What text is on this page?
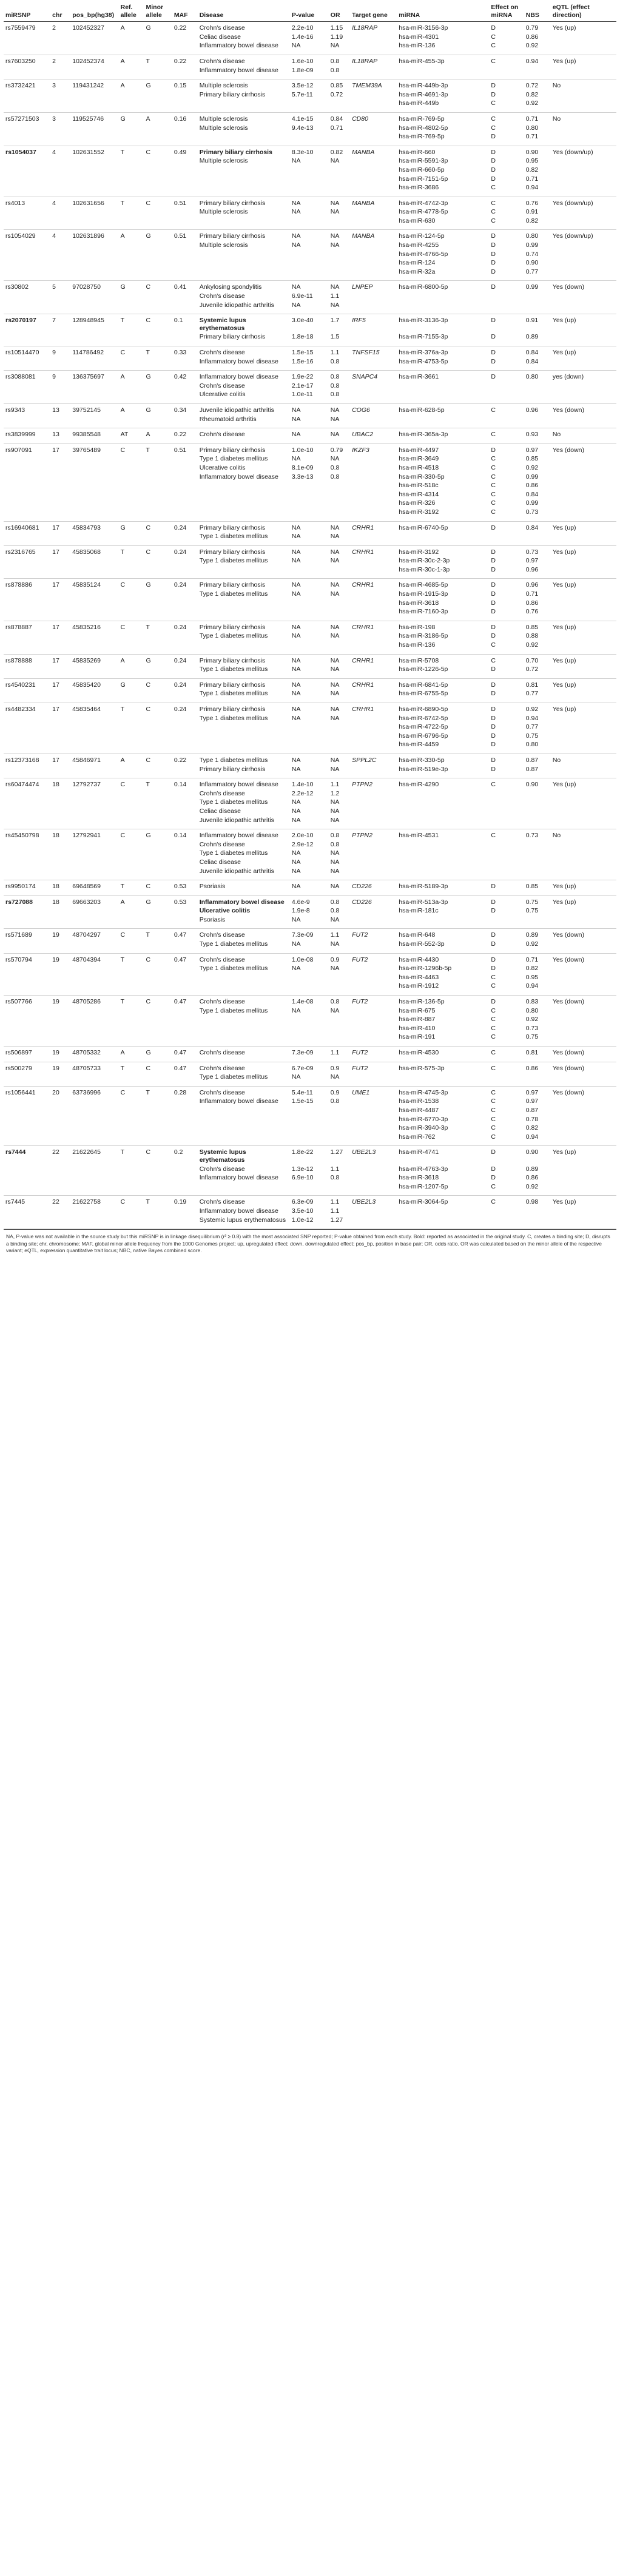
miRSNP	chr	pos_bp(hg38)	Ref. allele	Minor allele	MAF	Disease	P-value	OR	Target gene	miRNA	Effect on miRNA	NBS	eQTL (effect direction)
rs7559479	2	102452327	A	G	0.22	Crohn's disease	2.2e-10	1.15	IL18RAP	hsa-miR-3156-3p	D	0.79	Yes (up)
						Celiac disease	1.4e-16	1.19		hsa-miR-4301	C	0.86	
						Inflammatory bowel disease	NA	NA		hsa-miR-136	C	0.92	
rs7603250	2	102452374	A	T	0.22	Crohn's disease	1.6e-10	0.8	IL18RAP	hsa-miR-455-3p	C	0.94	Yes (up)
						Inflammatory bowel disease	1.8e-09	0.8					
rs3732421	3	119431242	A	G	0.15	Multiple sclerosis	3.5e-12	0.85	TMEM39A	hsa-miR-449b-3p	D	0.72	No
						Primary biliary cirrhosis	5.7e-11	0.72		hsa-miR-4691-3p	D	0.82	
										hsa-miR-449b	C	0.92	
rs57271503	3	119525746	G	A	0.16	Multiple sclerosis	4.1e-15	0.84	CD80	hsa-miR-769-5p	C	0.71	No
						Multiple sclerosis	9.4e-13	0.71		hsa-miR-4802-5p	C	0.80	
										hsa-miR-769-5p	D	0.71	
rs1054037	4	102631552	T	C	0.49	Primary biliary cirrhosis	8.3e-10	0.82	MANBA	hsa-miR-660	D	0.90	Yes (down/up)
						Multiple sclerosis	NA	NA		hsa-miR-5591-3p	D	0.95	
										hsa-miR-660-5p	D	0.82	
										hsa-miR-7151-5p	D	0.71	
										hsa-miR-3686	C	0.94	
rs4013	4	102631656	T	C	0.51	Primary biliary cirrhosis	NA	NA	MANBA	hsa-miR-4742-3p	C	0.76	Yes (down/up)
						Multiple sclerosis	NA	NA		hsa-miR-4778-5p	C	0.91	
										hsa-miR-630	C	0.82	
rs1054029	4	102631896	A	G	0.51	Primary biliary cirrhosis	NA	NA	MANBA	hsa-miR-124-5p	D	0.80	Yes (down/up)
						Multiple sclerosis	NA	NA		hsa-miR-4255	D	0.99	
										hsa-miR-4766-5p	D	0.74	
										hsa-miR-124	D	0.90	
										hsa-miR-32a	D	0.77	
rs30802	5	97028750	G	C	0.41	Ankylosing spondylitis	NA	NA	LNPEP	hsa-miR-6800-5p	D	0.99	Yes (down)
						Crohn's disease	6.9e-11	1.1					
						Juvenile idiopathic arthritis	NA	NA					
rs2070197	7	128948945	T	C	0.1	Systemic lupus erythematosus	3.0e-40	1.7	IRF5	hsa-miR-3136-3p	D	0.91	Yes (up)
						Primary biliary cirrhosis	1.8e-18	1.5		hsa-miR-7155-3p	D	0.89	
rs10514470	9	114786492	C	T	0.33	Crohn's disease	1.5e-15	1.1	TNFSF15	hsa-miR-376a-3p	D	0.84	Yes (up)
						Inflammatory bowel disease	1.5e-16	0.8		hsa-miR-4753-5p	D	0.84	
rs3088081	9	136375697	A	G	0.42	Inflammatory bowel disease	1.9e-22	0.8	SNAPC4	hsa-miR-3661	D	0.80	yes (down)
						Crohn's disease	2.1e-17	0.8					
						Ulcerative colitis	1.0e-11	0.8					
rs9343	13	39752145	A	G	0.34	Juvenile idiopathic arthritis	NA	NA	COG6	hsa-miR-628-5p	C	0.96	Yes (down)
						Rheumatoid arthritis	NA	NA					
rs3839999	13	99385548	AT	A	0.22	Crohn's disease	NA	NA	UBAC2	hsa-miR-365a-3p	C	0.93	No
rs907091	17	39765489	C	T	0.51	Primary biliary cirrhosis	1.0e-10	0.79	IKZF3	hsa-miR-4497	D	0.97	Yes (down)
						Type 1 diabetes mellitus	NA	NA		hsa-miR-3649	C	0.85	
						Ulcerative colitis	8.1e-09	0.8		hsa-miR-4518	C	0.92	
						Inflammatory bowel disease	3.3e-13	0.8		hsa-miR-330-5p	C	0.99	
										hsa-miR-518c	C	0.86	
										hsa-miR-4314	C	0.84	
										hsa-miR-326	C	0.99	
										hsa-miR-3192	C	0.73	
rs16940681	17	45834793	G	C	0.24	Primary biliary cirrhosis	NA	NA	CRHR1	hsa-miR-6740-5p	D	0.84	Yes (up)
						Type 1 diabetes mellitus	NA	NA					
rs2316765	17	45835068	T	C	0.24	Primary biliary cirrhosis	NA	NA	CRHR1	hsa-miR-3192	D	0.73	Yes (up)
						Type 1 diabetes mellitus	NA	NA		hsa-miR-30c-2-3p	D	0.97	
										hsa-miR-30c-1-3p	D	0.96	
rs878886	17	45835124	C	G	0.24	Primary biliary cirrhosis	NA	NA	CRHR1	hsa-miR-4685-5p	D	0.96	Yes (up)
						Type 1 diabetes mellitus	NA	NA		hsa-miR-1915-3p	D	0.71	
										hsa-miR-3618	D	0.86	
										hsa-miR-7160-3p	D	0.76	
rs878887	17	45835216	C	T	0.24	Primary biliary cirrhosis	NA	NA	CRHR1	hsa-miR-198	D	0.85	Yes (up)
						Type 1 diabetes mellitus	NA	NA		hsa-miR-3186-5p	D	0.88	
										hsa-miR-136	C	0.92	
rs878888	17	45835269	A	G	0.24	Primary biliary cirrhosis	NA	NA	CRHR1	hsa-miR-5708	C	0.70	Yes (up)
						Type 1 diabetes mellitus	NA	NA		hsa-miR-1226-5p	D	0.72	
rs4540231	17	45835420	G	C	0.24	Primary biliary cirrhosis	NA	NA	CRHR1	hsa-miR-6841-5p	D	0.81	Yes (up)
						Type 1 diabetes mellitus	NA	NA		hsa-miR-6755-5p	D	0.77	
rs4482334	17	45835464	T	C	0.24	Primary biliary cirrhosis	NA	NA	CRHR1	hsa-miR-6890-5p	D	0.92	Yes (up)
						Type 1 diabetes mellitus	NA	NA		hsa-miR-6742-5p	D	0.94	
										hsa-miR-4722-5p	D	0.77	
										hsa-miR-6796-5p	D	0.75	
										hsa-miR-4459	D	0.80	
rs12373168	17	45846971	A	C	0.22	Type 1 diabetes mellitus	NA	NA	SPPL2C	hsa-miR-330-5p	D	0.87	No
						Primary biliary cirrhosis	NA	NA		hsa-miR-519e-3p	D	0.87	
rs60474474	18	12792737	C	T	0.14	Inflammatory bowel disease	1.4e-10	1.1	PTPN2	hsa-miR-4290	C	0.90	Yes (up)
						Crohn's disease	2.2e-12	1.2					
						Type 1 diabetes mellitus	NA	NA					
						Celiac disease	NA	NA					
						Juvenile idiopathic arthritis	NA	NA					
rs45450798	18	12792941	C	G	0.14	Inflammatory bowel disease	2.0e-10	0.8	PTPN2	hsa-miR-4531	C	0.73	No
						Crohn's disease	2.9e-12	0.8					
						Type 1 diabetes mellitus	NA	NA					
						Celiac disease	NA	NA					
						Juvenile idiopathic arthritis	NA	NA					
rs9950174	18	69648569	T	C	0.53	Psoriasis	NA	NA	CD226	hsa-miR-5189-3p	D	0.85	Yes (up)
rs727088	18	69663203	A	G	0.53	Inflammatory bowel disease	4.6e-9	0.8	CD226	hsa-miR-513a-3p	D	0.75	Yes (up)
						Ulcerative colitis	1.9e-8	0.8		hsa-miR-181c	D	0.75	
						Psoriasis	NA	NA					
rs571689	19	48704297	C	T	0.47	Crohn's disease	7.3e-09	1.1	FUT2	hsa-miR-648	D	0.89	Yes (down)
						Type 1 diabetes mellitus	NA	NA		hsa-miR-552-3p	D	0.92	
rs570794	19	48704394	T	C	0.47	Crohn's disease	1.0e-08	0.9	FUT2	hsa-miR-4430	D	0.71	Yes (down)
						Type 1 diabetes mellitus	NA	NA		hsa-miR-1296b-5p	D	0.82	
										hsa-miR-4463	C	0.95	
										hsa-miR-1912	C	0.94	
rs507766	19	48705286	T	C	0.47	Crohn's disease	1.4e-08	0.8	FUT2	hsa-miR-136-5p	D	0.83	Yes (down)
						Type 1 diabetes mellitus	NA	NA		hsa-miR-675	C	0.80	
										hsa-miR-887	C	0.92	
										hsa-miR-410	C	0.73	
										hsa-miR-191	C	0.75	
rs506897	19	48705332	A	G	0.47	Crohn's disease	7.3e-09	1.1	FUT2	hsa-miR-4530	C	0.81	Yes (down)
rs500279	19	48705733	T	C	0.47	Crohn's disease	6.7e-09	0.9	FUT2	hsa-miR-575-3p	C	0.86	Yes (down)
						Type 1 diabetes mellitus	NA	NA					
rs1056441	20	63736996	C	T	0.28	Crohn's disease	5.4e-11	0.9	UME1	hsa-miR-4745-3p	C	0.97	Yes (down)
						Inflammatory bowel disease	1.5e-15	0.8		hsa-miR-1538	C	0.97	
										hsa-miR-4487	C	0.87	
										hsa-miR-6770-3p	C	0.78	
										hsa-miR-3940-3p	C	0.82	
										hsa-miR-762	C	0.94	
rs7444	22	21622645	T	C	0.2	Systemic lupus erythematosus	1.8e-22	1.27	UBE2L3	hsa-miR-4741	D	0.90	Yes (up)
						Crohn's disease	1.3e-12	1.1		hsa-miR-4763-3p	D	0.89	
						Inflammatory bowel disease	6.9e-10	0.8		hsa-miR-3618	D	0.86	
										hsa-miR-1207-5p	C	0.92	
rs7445	22	21622758	C	T	0.19	Crohn's disease	6.3e-09	1.1	UBE2L3	hsa-miR-3064-5p	C	0.98	Yes (up)
						Inflammatory bowel disease	3.5e-10	1.1					
						Systemic lupus erythematosus	1.0e-12	1.27					
NA, P-value was not available in the source study but this miRSNP is in linkage disequilibrium (r² ≥ 0.8) with the most associated SNP reported; P-value obtained from each study. Bold: reported as associated in the original study. C, creates a binding site; D, disrupts a binding site; chr, chromosome; MAF, global minor allele frequency from the 1000 Genomes project; up, upregulated effect; down, downregulated effect; pos_bp, position in base pair; OR, odds ratio. OR was calculated based on the minor allele of the respective variant; eQTL, expression quantitative trait locus; NBC, native Bayes combined score.
